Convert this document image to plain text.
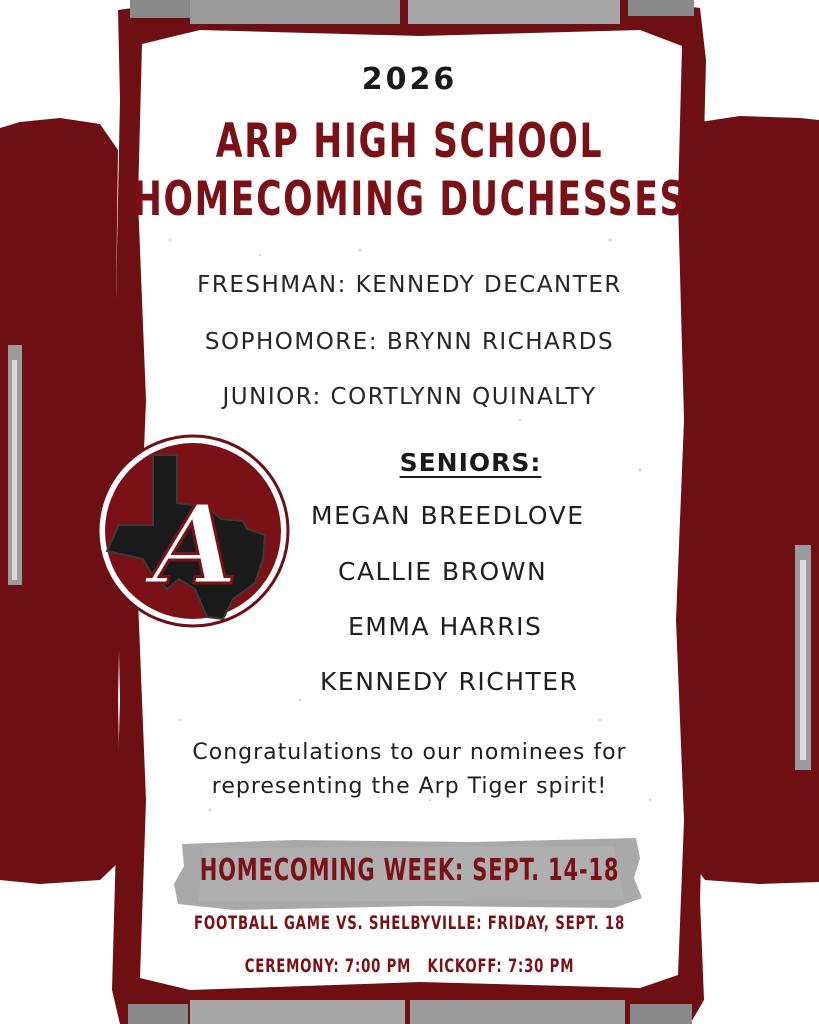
2026
ARP HIGH SCHOOL
HOMECOMING DUCHESSES
FRESHMAN: KENNEDY DECANTER
SOPHOMORE: BRYNN RICHARDS
JUNIOR: CORTLYNN QUINALTY
A
SENIORS:
MEGAN BREEDLOVE
CALLIE BROWN
EMMA HARRIS
KENNEDY RICHTER
Congratulations to our nominees for
representing the Arp Tiger spirit!
HOMECOMING WEEK: SEPT. 14-18
FOOTBALL GAME VS. SHELBYVILLE: FRIDAY, SEPT. 18
CEREMONY: 7:00 PM   KICKOFF: 7:30 PM
